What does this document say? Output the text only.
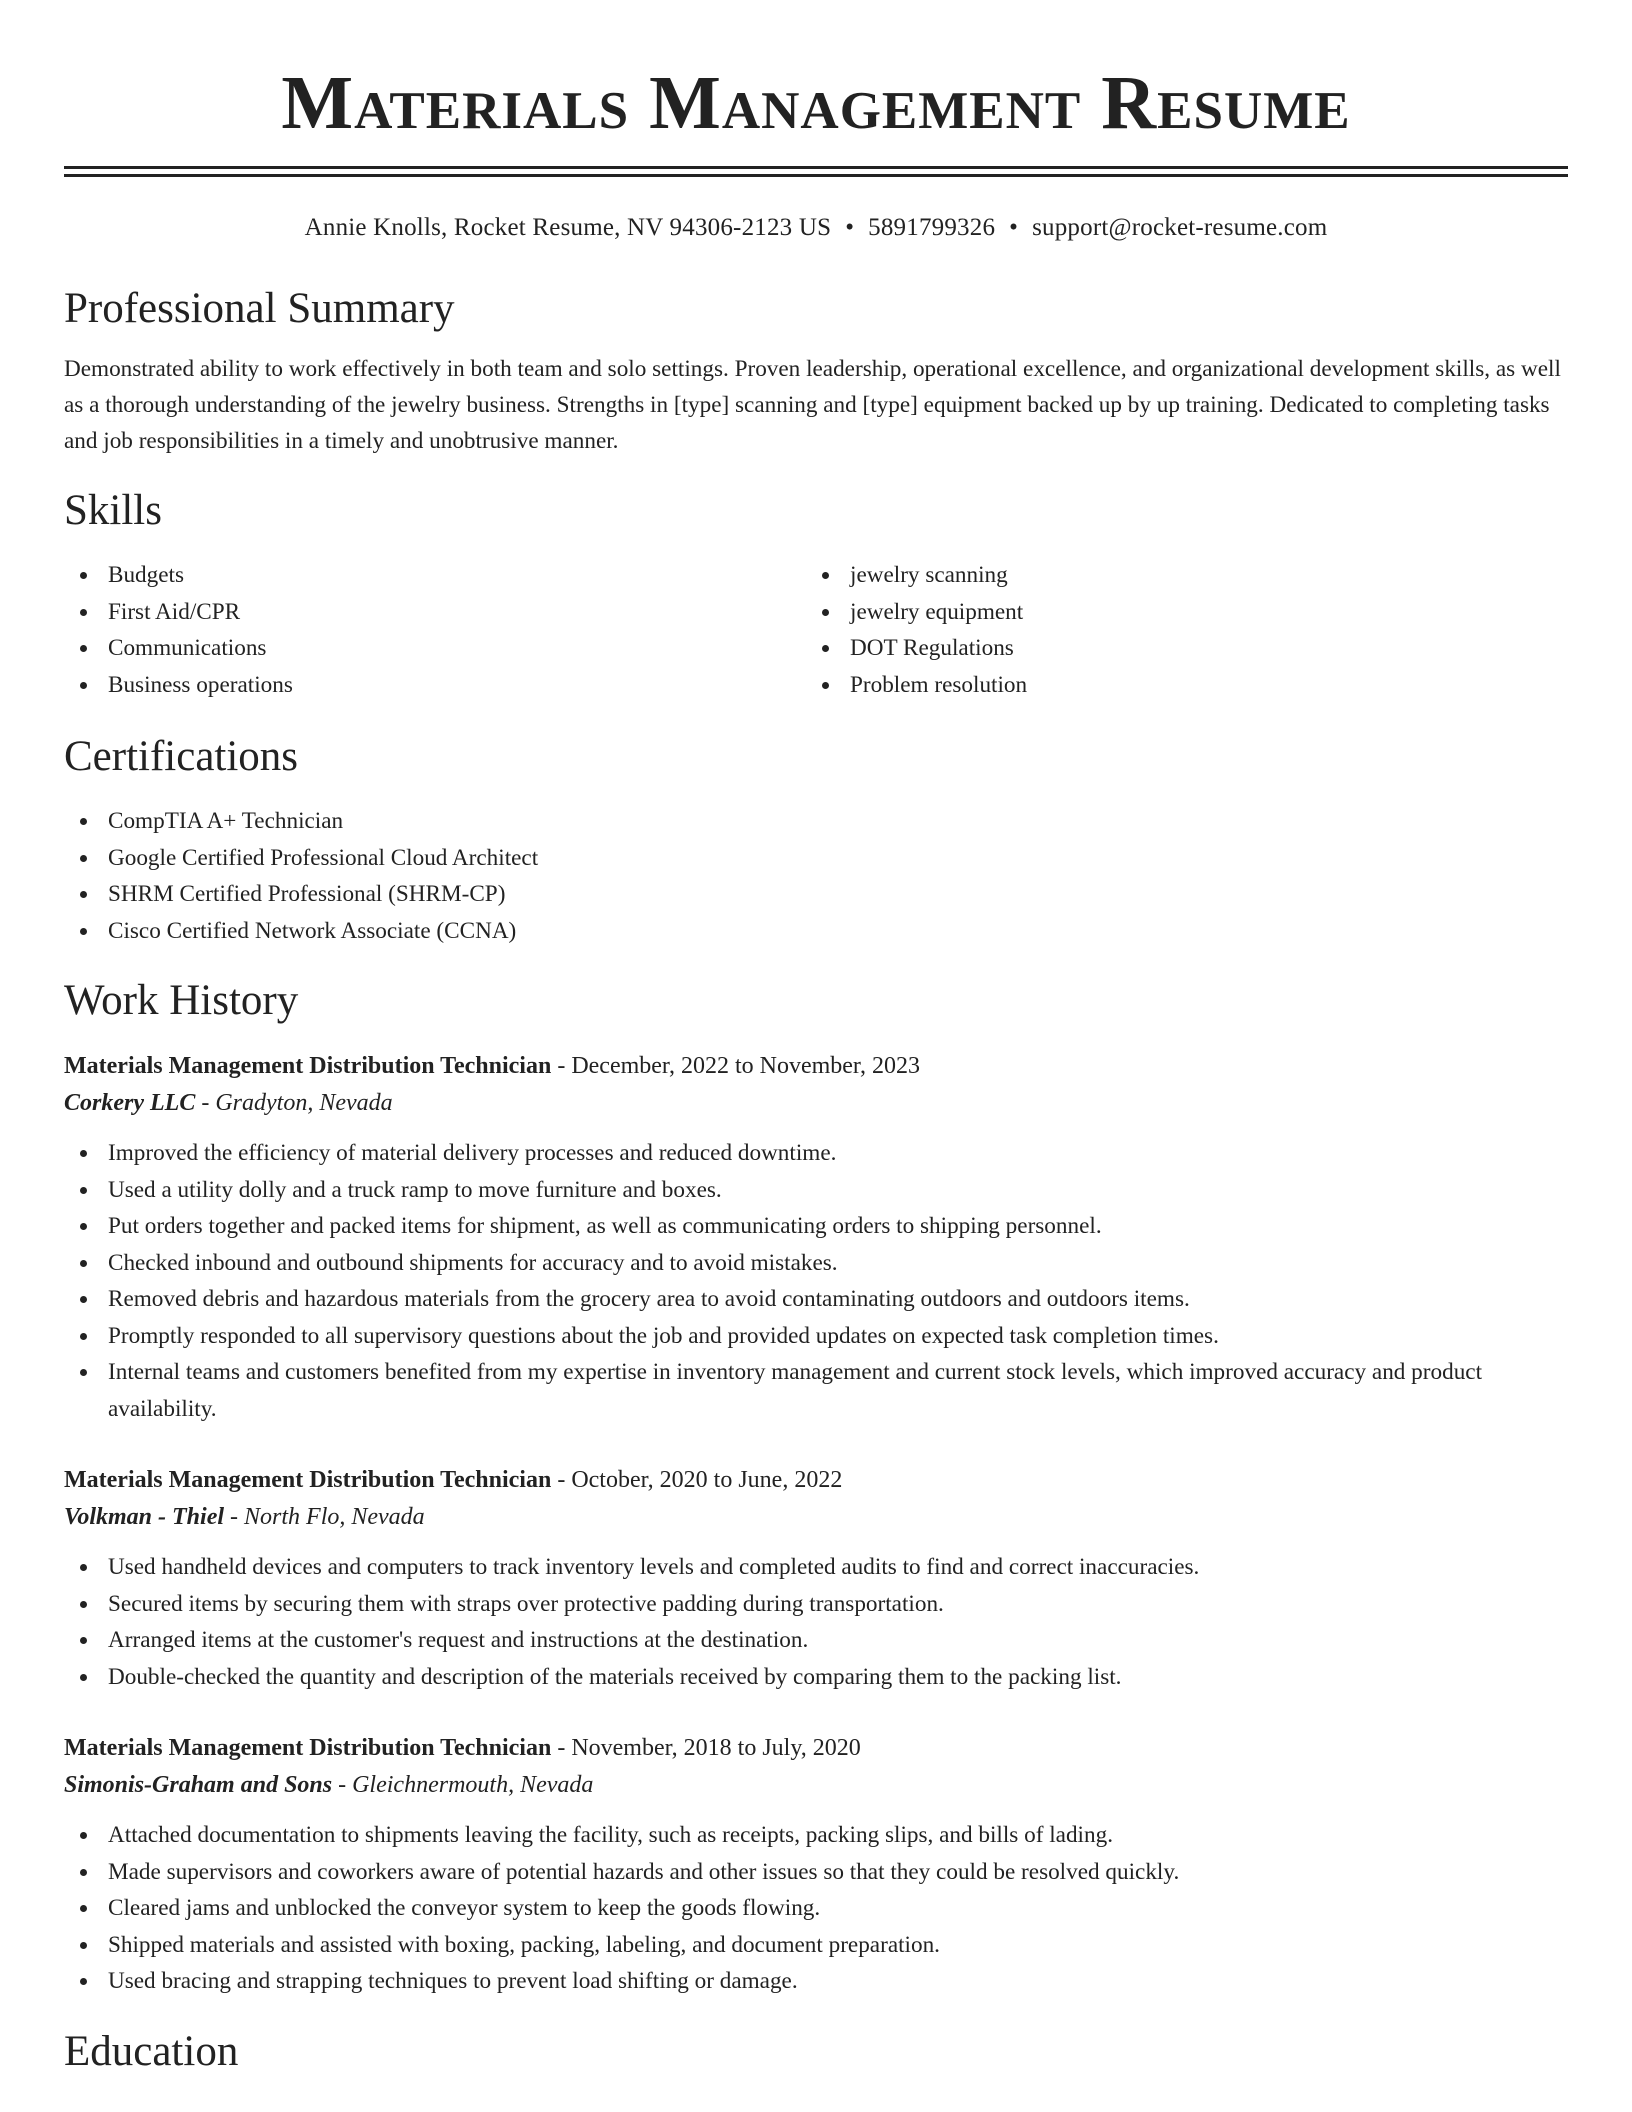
Materials Management Resume
Annie Knolls, Rocket Resume, NV 94306-2123 US • 5891799326 • support@rocket-resume.com
Professional Summary
Demonstrated ability to work effectively in both team and solo settings. Proven leadership, operational excellence, and organizational development skills, as well as a thorough understanding of the jewelry business. Strengths in [type] scanning and [type] equipment backed up by up training. Dedicated to completing tasks and job responsibilities in a timely and unobtrusive manner.
Skills
Budgets
First Aid/CPR
Communications
Business operations
jewelry scanning
jewelry equipment
DOT Regulations
Problem resolution
Certifications
CompTIA A+ Technician
Google Certified Professional Cloud Architect
SHRM Certified Professional (SHRM-CP)
Cisco Certified Network Associate (CCNA)
Work History
Materials Management Distribution Technician - December, 2022 to November, 2023
Corkery LLC - Gradyton, Nevada
Improved the efficiency of material delivery processes and reduced downtime.
Used a utility dolly and a truck ramp to move furniture and boxes.
Put orders together and packed items for shipment, as well as communicating orders to shipping personnel.
Checked inbound and outbound shipments for accuracy and to avoid mistakes.
Removed debris and hazardous materials from the grocery area to avoid contaminating outdoors and outdoors items.
Promptly responded to all supervisory questions about the job and provided updates on expected task completion times.
Internal teams and customers benefited from my expertise in inventory management and current stock levels, which improved accuracy and product availability.
Materials Management Distribution Technician - October, 2020 to June, 2022
Volkman - Thiel - North Flo, Nevada
Used handheld devices and computers to track inventory levels and completed audits to find and correct inaccuracies.
Secured items by securing them with straps over protective padding during transportation.
Arranged items at the customer's request and instructions at the destination.
Double-checked the quantity and description of the materials received by comparing them to the packing list.
Materials Management Distribution Technician - November, 2018 to July, 2020
Simonis-Graham and Sons - Gleichnermouth, Nevada
Attached documentation to shipments leaving the facility, such as receipts, packing slips, and bills of lading.
Made supervisors and coworkers aware of potential hazards and other issues so that they could be resolved quickly.
Cleared jams and unblocked the conveyor system to keep the goods flowing.
Shipped materials and assisted with boxing, packing, labeling, and document preparation.
Used bracing and strapping techniques to prevent load shifting or damage.
Education
